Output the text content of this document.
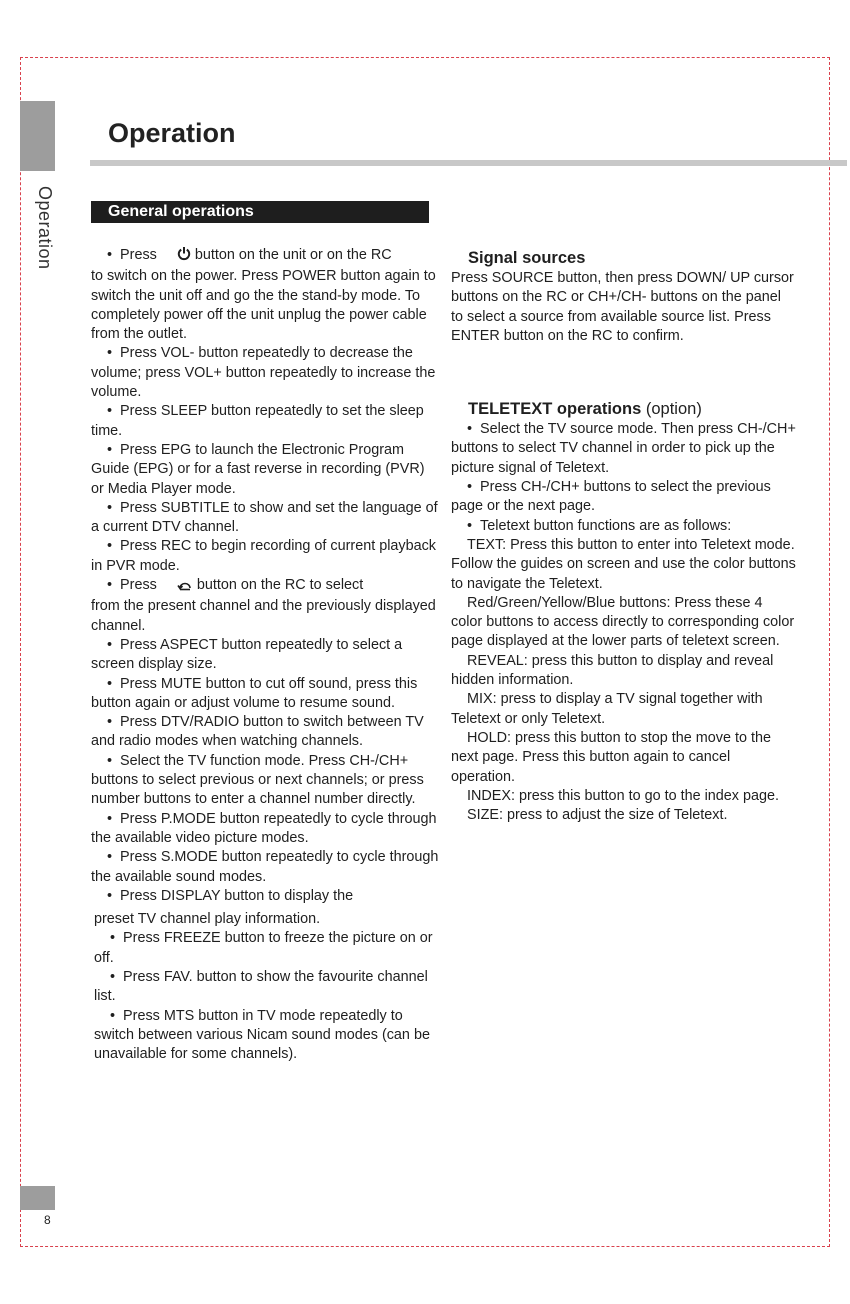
Operation
8
Operation
General operations

•  Press  button on the unit or on the RC

to switch on the power. Press POWER button again to switch the unit off and go the the stand-by mode. To completely power off the unit unplug the power cable from the outlet.

•  Press VOL- button repeatedly to decrease the volume; press VOL+ button repeatedly to increase the volume.

•  Press SLEEP button repeatedly to set the sleep time.

•  Press EPG to launch the Electronic Program Guide (EPG) or for a fast reverse in recording (PVR) or Media Player mode.

•  Press SUBTITLE to show and set the language of a current DTV channel.

•  Press REC to begin recording of current playback in PVR mode.

•  Press  button on the RC to select

from the present channel and the previously displayed channel.

•  Press ASPECT button repeatedly to select a screen display size.

•  Press MUTE button to cut off sound, press this button again or adjust volume to resume sound.

•  Press DTV/RADIO button to switch between TV and radio modes when watching channels.

•  Select the TV function mode. Press CH-/CH+ buttons to select previous or next channels; or press number buttons to enter a channel number directly.

•  Press P.MODE button repeatedly to cycle through the available video picture modes.

•  Press S.MODE button repeatedly to cycle through the available sound modes.

•  Press DISPLAY button to display the

preset TV channel play information.

•  Press FREEZE button to freeze the picture on or off.

•  Press FAV. button to show the favourite channel list.

•  Press MTS button in TV mode repeatedly to switch between various Nicam sound modes (can be unavailable for some channels).

Signal sources

Press SOURCE button, then press DOWN/ UP cursor buttons on the RC or CH+/CH- buttons on the panel to select a source from available source list. Press ENTER button on the RC to confirm.

TELETEXT operations (option)

•  Select the TV source mode. Then press CH-/CH+ buttons to select TV channel in order to pick up the picture signal of Teletext.

•  Press CH-/CH+ buttons to select the previous page or the next page.

•  Teletext button functions are as follows:

TEXT: Press this button to enter into Teletext mode. Follow the guides on screen and use the color buttons to navigate the Teletext.

Red/Green/Yellow/Blue buttons: Press these 4 color buttons to access directly to corresponding color page displayed at the lower parts of teletext screen.

REVEAL: press this button to display and reveal hidden information.

MIX: press to display a TV signal together with Teletext or only Teletext.

HOLD: press this button to stop the move to the next page. Press this button again to cancel operation.

INDEX: press this button to go to the index page.

SIZE: press to adjust the size of Teletext.
